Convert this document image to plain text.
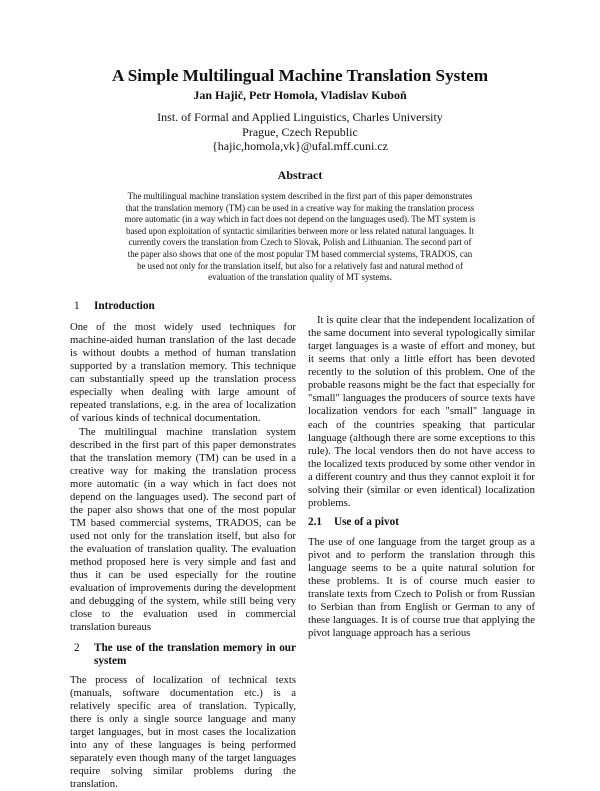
A Simple Multilingual Machine Translation System
Jan Hajič, Petr Homola, Vladislav Kuboň
Inst. of Formal and Applied Linguistics, Charles University
Prague, Czech Republic
{hajic,homola,vk}@ufal.mff.cuni.cz
Abstract
The multilingual machine translation system described in the first part of this paper demonstrates
that the translation memory (TM) can be used in a creative way for making the translation process
more automatic (in a way which in fact does not depend on the languages used). The MT system is
based upon exploitation of syntactic similarities between more or less related natural languages. It
currently covers the translation from Czech to Slovak, Polish and Lithuanian. The second part of
the paper also shows that one of the most popular TM based commercial systems, TRADOS, can
be used not only for the translation itself, but also for a relatively fast and natural method of
evaluation of the translation quality of MT systems.
1	Introduction

One of the most widely used techniques for machine-aided human translation of the last decade is without doubts a method of human translation supported by a translation memory. This technique can substantially speed up the translation process especially when dealing with large amount of repeated translations, e.g. in the area of localization of various kinds of technical documentation.

The multilingual machine translation system described in the first part of this paper demonstrates that the translation memory (TM) can be used in a creative way for making the translation process more automatic (in a way which in fact does not depend on the languages used). The second part of the paper also shows that one of the most popular TM based commercial systems, TRADOS, can be used not only for the translation itself, but also for the evaluation of translation quality. The evaluation method proposed here is very simple and fast and thus it can be used especially for the routine evaluation of improvements during the development and debugging of the system, while still being very close to the evaluation used in commercial translation bureaus

2	The use of the translation memory in our system

The process of localization of technical texts (manuals, software documentation etc.) is a relatively specific area of translation. Typically, there is only a single source language and many target languages, but in most cases the localization into any of these languages is being performed separately even though many of the target languages require solving similar problems during the translation.

It is quite clear that the independent localization of the same document into several typologically similar target languages is a waste of effort and money, but it seems that only a little effort has been devoted recently to the solution of this problem. One of the probable reasons might be the fact that especially for "small" languages the producers of source texts have localization vendors for each "small" language in each of the countries speaking that particular language (although there are some exceptions to this rule). The local vendors then do not have access to the localized texts produced by some other vendor in a different country and thus they cannot exploit it for solving their (similar or even identical) localization problems.

2.1	Use of a pivot

The use of one language from the target group as a pivot and to perform the translation through this language seems to be a quite natural solution for these problems. It is of course much easier to translate texts from Czech to Polish or from Russian to Serbian than from English or German to any of these languages. It is of course true that applying the pivot language approach has a serious
